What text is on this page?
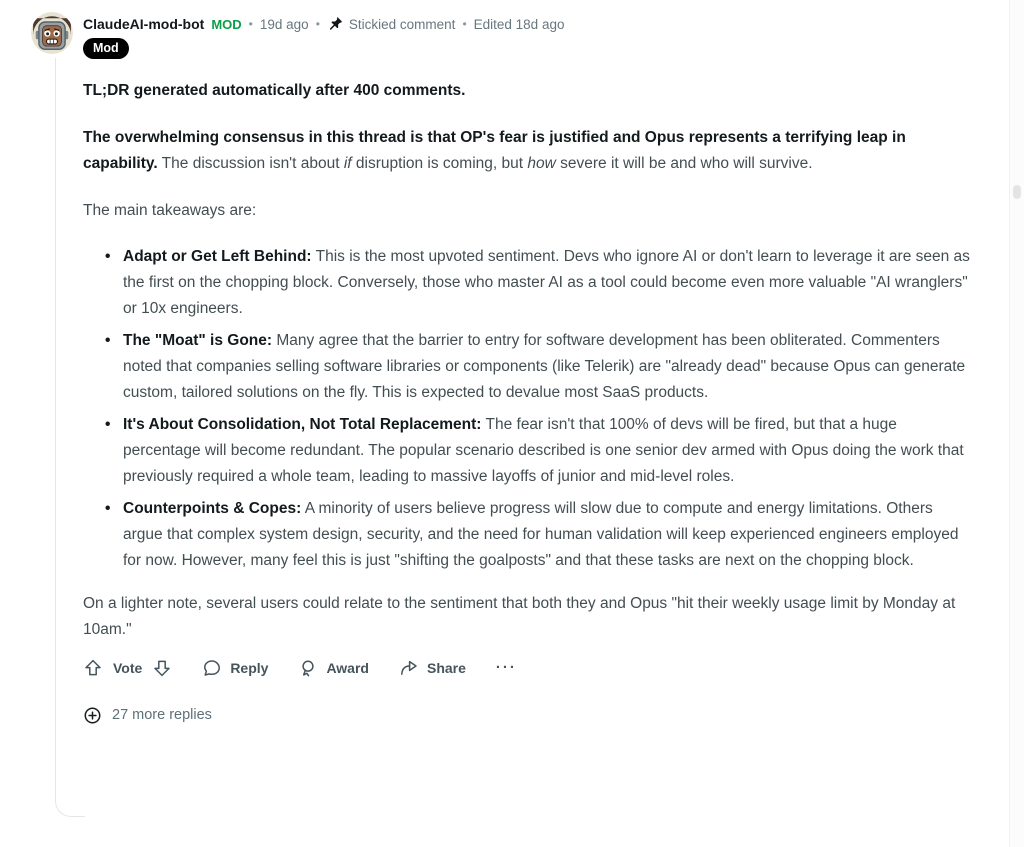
ClaudeAI-mod-bot MOD • 19d ago • Stickied comment • Edited 18d ago
Mod

TL;DR generated automatically after 400 comments.

The overwhelming consensus in this thread is that OP's fear is justified and Opus represents a terrifying leap in capability. The discussion isn't about if disruption is coming, but how severe it will be and who will survive.

The main takeaways are:

• Adapt or Get Left Behind: This is the most upvoted sentiment. Devs who ignore AI or don't learn to leverage it are seen as the first on the chopping block. Conversely, those who master AI as a tool could become even more valuable "AI wranglers" or 10x engineers.
• The "Moat" is Gone: Many agree that the barrier to entry for software development has been obliterated. Commenters noted that companies selling software libraries or components (like Telerik) are "already dead" because Opus can generate custom, tailored solutions on the fly. This is expected to devalue most SaaS products.
• It's About Consolidation, Not Total Replacement: The fear isn't that 100% of devs will be fired, but that a huge percentage will become redundant. The popular scenario described is one senior dev armed with Opus doing the work that previously required a whole team, leading to massive layoffs of junior and mid-level roles.
• Counterpoints & Copes: A minority of users believe progress will slow due to compute and energy limitations. Others argue that complex system design, security, and the need for human validation will keep experienced engineers employed for now. However, many feel this is just "shifting the goalposts" and that these tasks are next on the chopping block.

On a lighter note, several users could relate to the sentiment that both they and Opus "hit their weekly usage limit by Monday at 10am."

Vote	Reply	Award	Share ···
27 more replies
